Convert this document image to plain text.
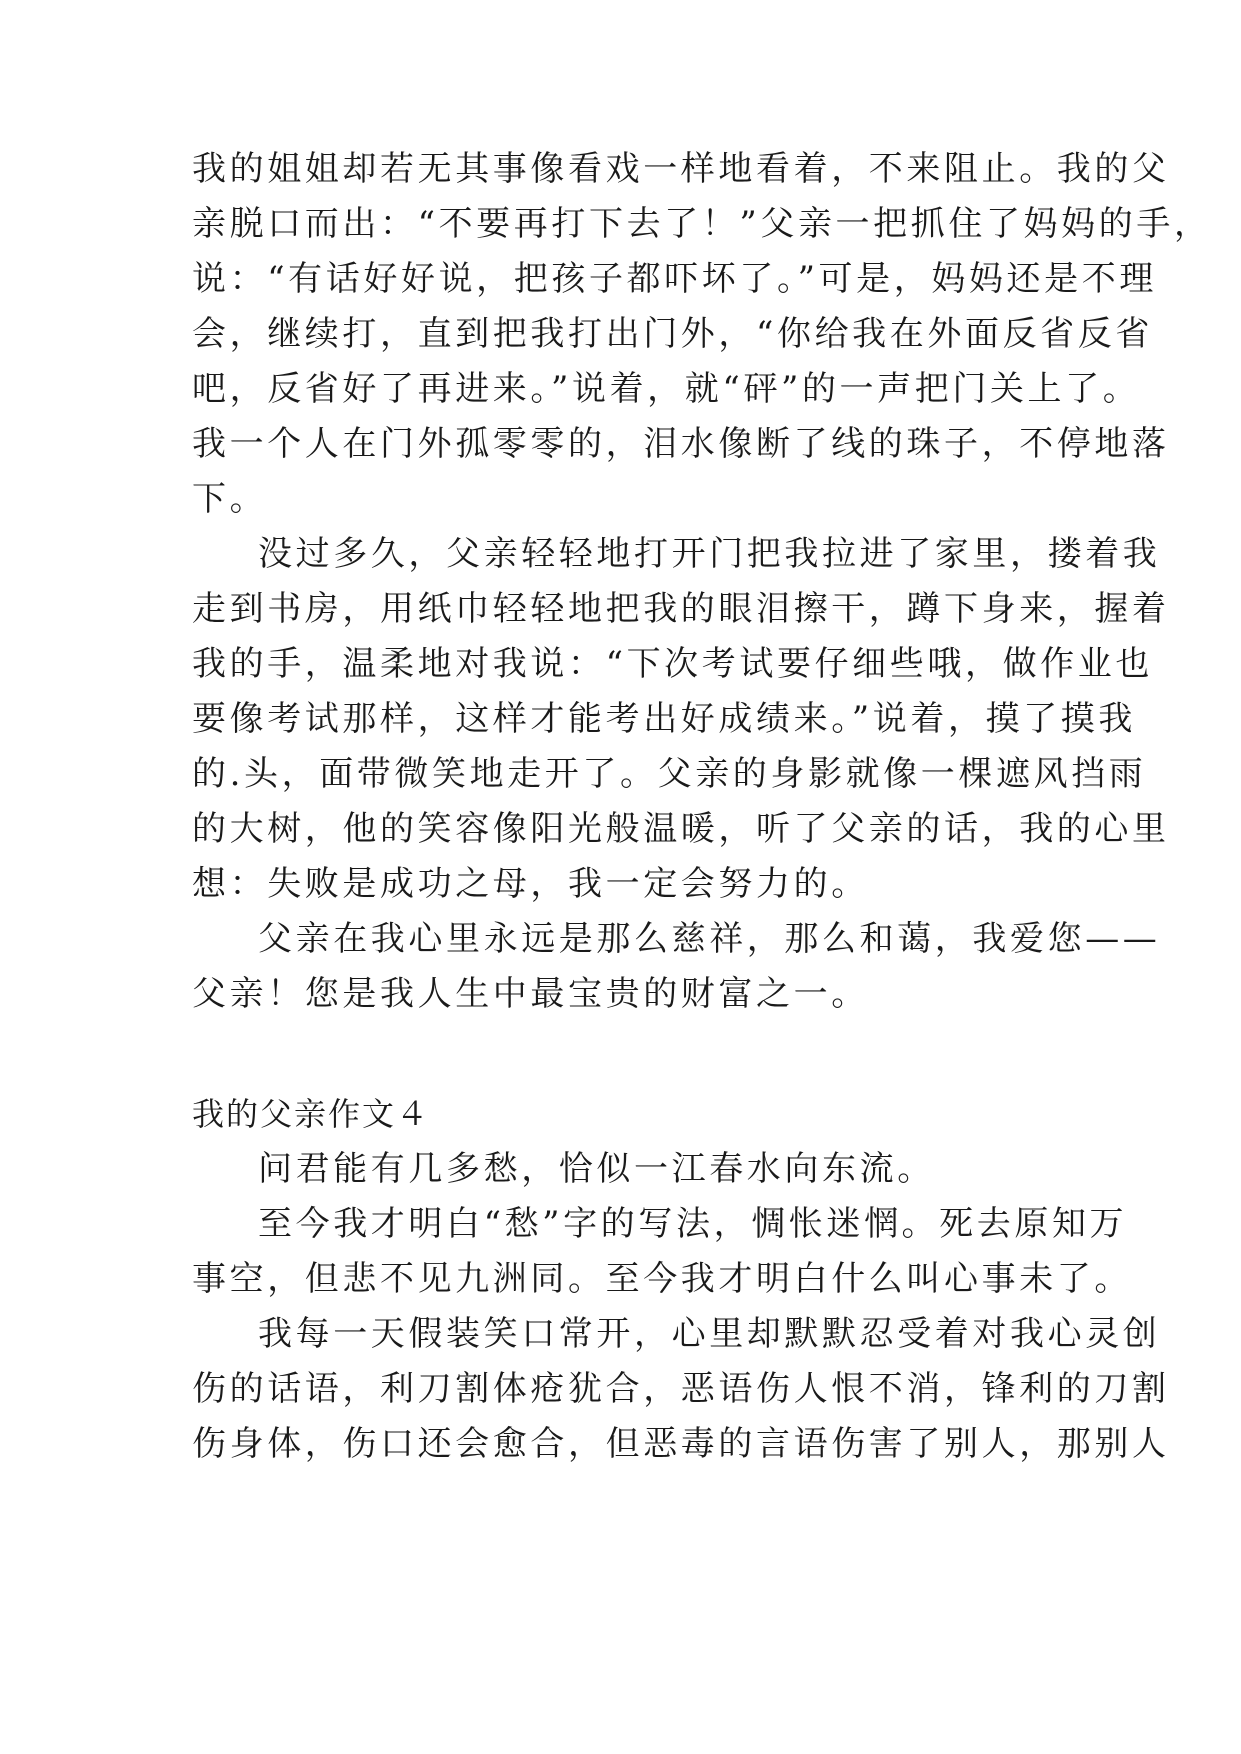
我的姐姐却若无其事像看戏一样地看着，不来阻止。我的父

亲脱口而出：“不要再打下去了！”父亲一把抓住了妈妈的手，

说：“有话好好说，把孩子都吓坏了。”可是，妈妈还是不理

会，继续打，直到把我打出门外，“你给我在外面反省反省

吧，反省好了再进来。”说着，就“砰”的一声把门关上了。

我一个人在门外孤零零的，泪水像断了线的珠子，不停地落

下。

没过多久，父亲轻轻地打开门把我拉进了家里，搂着我

走到书房，用纸巾轻轻地把我的眼泪擦干，蹲下身来，握着

我的手，温柔地对我说：“下次考试要仔细些哦，做作业也

要像考试那样，这样才能考出好成绩来。”说着，摸了摸我

的.头，面带微笑地走开了。父亲的身影就像一棵遮风挡雨

的大树，他的笑容像阳光般温暖，听了父亲的话，我的心里

想：失败是成功之母，我一定会努力的。

父亲在我心里永远是那么慈祥，那么和蔼，我爱您——

父亲！您是我人生中最宝贵的财富之一。

我的父亲作文４

问君能有几多愁，恰似一江春水向东流。

至今我才明白“愁”字的写法，惆怅迷惘。死去原知万

事空，但悲不见九洲同。至今我才明白什么叫心事未了。

我每一天假装笑口常开，心里却默默忍受着对我心灵创

伤的话语，利刀割体疮犹合，恶语伤人恨不消，锋利的刀割

伤身体，伤口还会愈合，但恶毒的言语伤害了别人，那别人
